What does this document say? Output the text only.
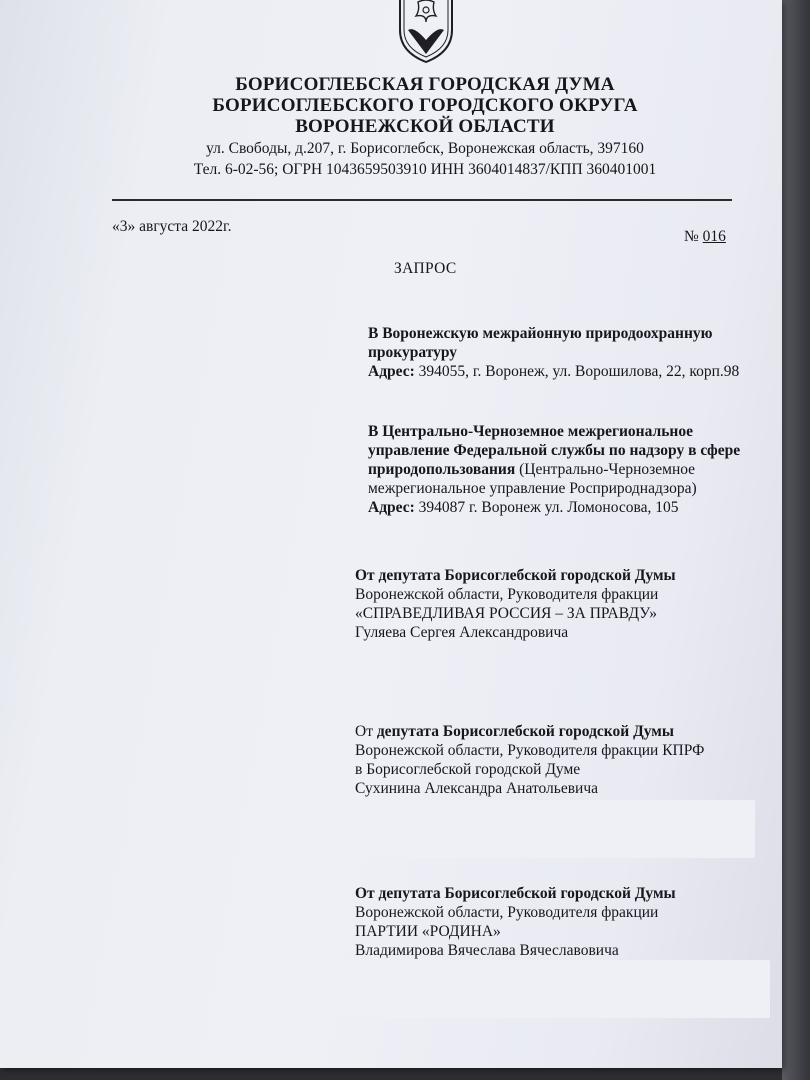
БОРИСОГЛЕБСКАЯ ГОРОДСКАЯ ДУМА
БОРИСОГЛЕБСКОГО ГОРОДСКОГО ОКРУГА
ВОРОНЕЖСКОЙ ОБЛАСТИ
ул. Свободы, д.207, г. Борисоглебск, Воронежская область, 397160
Тел. 6-02-56; ОГРН 1043659503910 ИНН 3604014837/КПП 360401001
«3» августа 2022г.
№ 016
ЗАПРОС
В Воронежскую межрайонную природоохранную прокуратуру
Адрес: 394055, г. Воронеж, ул. Ворошилова, 22, корп.98
В Центрально-Черноземное межрегиональное управление Федеральной службы по надзору в сфере природопользования (Центрально-Черноземное межрегиональное управление Росприроднадзора)
Адрес: 394087 г. Воронеж ул. Ломоносова, 105
От депутата Борисоглебской городской Думы
Воронежской области, Руководителя фракции
«СПРАВЕДЛИВАЯ РОССИЯ – ЗА ПРАВДУ»
Гуляева Сергея Александровича
От депутата Борисоглебской городской Думы
Воронежской области, Руководителя фракции КПРФ
в Борисоглебской городской Думе
Сухинина Александра Анатольевича
От депутата Борисоглебской городской Думы
Воронежской области, Руководителя фракции
ПАРТИИ «РОДИНА»
Владимирова Вячеслава Вячеславовича
